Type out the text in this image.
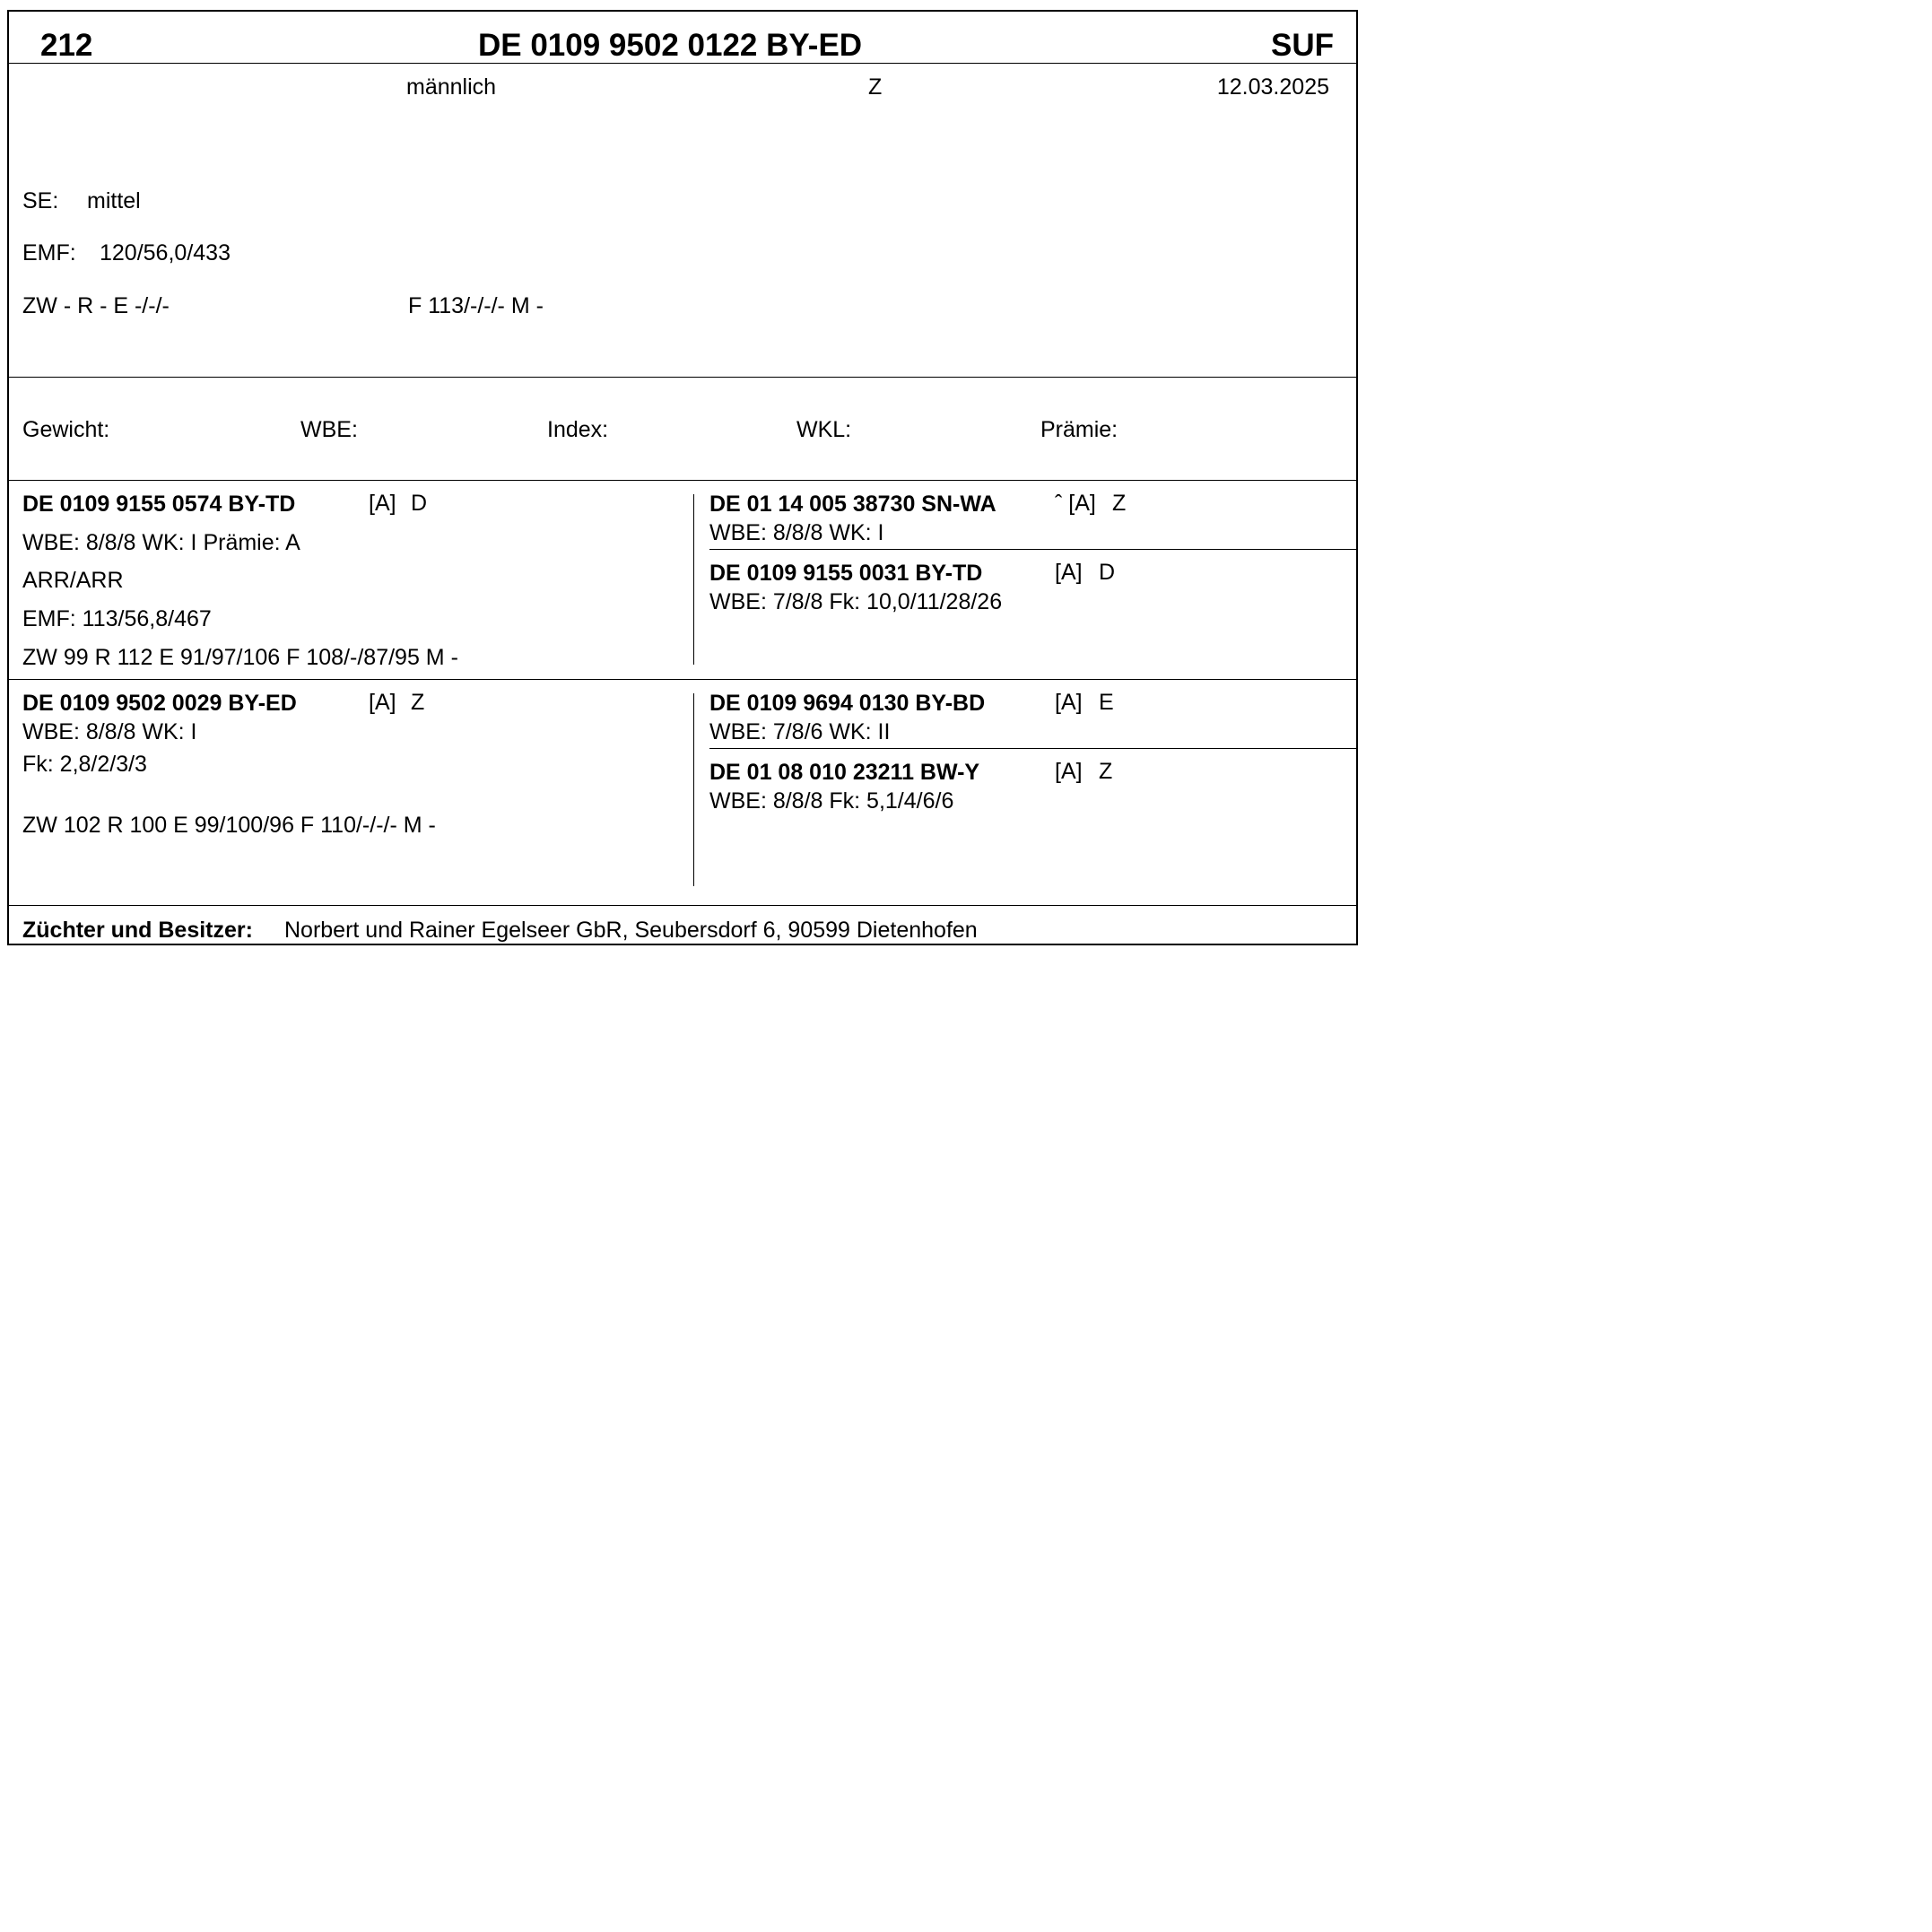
212	DE 0109 9502 0122 BY-ED	SUF
männlich	Z	12.03.2025
SE: mittel
EMF: 120/56,0/433
ZW - R - E -/-/-	F 113/-/-/- M -
Gewicht:	WBE:	Index:	WKL:	Prämie:
DE 0109 9155 0574 BY-TD	[A] D
WBE: 8/8/8 WK: I Prämie: A
ARR/ARR
EMF: 113/56,8/467
ZW 99 R 112 E 91/97/106 F 108/-/87/95 M -
DE 01 14 005 38730 SN-WA	ˆ [A] Z
WBE: 8/8/8 WK: I
DE 0109 9155 0031 BY-TD	[A] D
WBE: 7/8/8 Fk: 10,0/11/28/26
DE 0109 9502 0029 BY-ED	[A] Z
WBE: 8/8/8 WK: I
Fk: 2,8/2/3/3
ZW 102 R 100 E 99/100/96 F 110/-/-/- M -
DE 0109 9694 0130 BY-BD	[A] E
WBE: 7/8/6 WK: II
DE 01 08 010 23211 BW-Y	[A] Z
WBE: 8/8/8 Fk: 5,1/4/6/6
Züchter und Besitzer: Norbert und Rainer Egelseer GbR, Seubersdorf 6, 90599 Dietenhofen
